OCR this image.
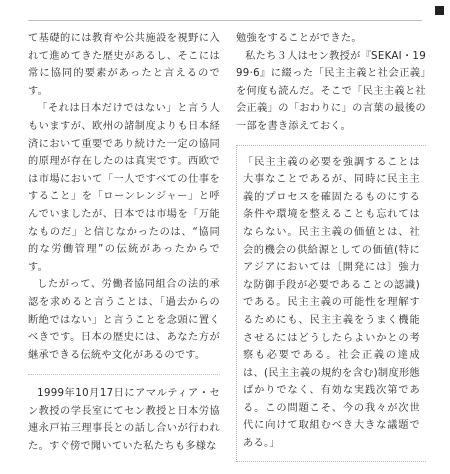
て基礎的には教育や公共施設を視野に入れて進めてきた歴史があるし、そこには常に協同的要素があったと言えるのです。

「それは日本だけではない」と言う人もいますが、欧州の諸制度よりも日本経済において重要であり続けた一定の協同的原理が存在したのは真実です。西欧では市場において「一人ですべての仕事をすること」を「ローンレンジャー」と呼んでいましたが、日本では市場を「万能なものだ」と信じなかったのは、“協同的な労働管理”の伝統があったからです。

したがって、労働者協同組合の法的承認を求めると言うことは、「過去からの断絶ではない」と言うことを念頭に置くべきです。日本の歴史には、あなた方が継承できる伝統や文化があるのです。

1999年10月17日にアマルティア・セン教授の学長室にてセン教授と日本労協連永戸祐三理事長との話し合いが行われた。すぐ傍で聞いていた私たちも多様な

勉強をすることができた。

私たち３人はセン教授が『SEKAI・1999·6』に綴った「民主主義と社会正義」を何度も読んだ。そこで「民主主義と社会正義」の「おわりに」の言葉の最後の一部を書き添えておく。

「民主主義の必要を強調することは大事なことであるが、同時に民主主義的プロセスを確固たるものにする条件や環境を整えることも忘れてはならない。民主主義の価値とは、社会的機会の供給源としての価値(特にアジアにおいては〔開発には〕強力な防御手段が必要であることの認識)である。民主主義の可能性を理解するためにも、民主主義をうまく機能させるにはどうしたらよいかとの考察も必要である。社会正義の達成は、(民主主義の規約を含む)制度形態ばかりでなく、有効な実践次第である。この問題こそ、今の我々が次世代に向けて取組むべき大きな議題である。」
